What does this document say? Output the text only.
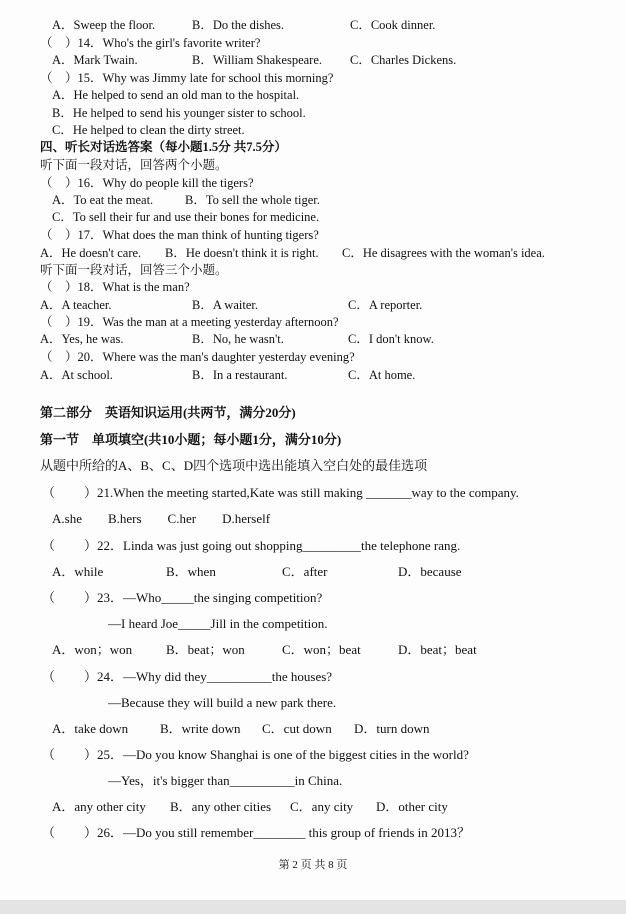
A．Sweep the floor.	B．Do the dishes.	C．Cook dinner.
（　）14．Who's the girl's favorite writer?
A．Mark Twain.	B．William Shakespeare. C．Charles Dickens.
（　）15．Why was Jimmy late for school this morning?
A．He helped to send an old man to the hospital.
B．He helped to send his younger sister to school.
C．He helped to clean the dirty street.
四、听长对话选答案（每小题1.5分 共7.5分）
听下面一段对话，回答两个小题。
（　）16．Why do people kill the tigers?
A．To eat the meat.	B．To sell the whole tiger.
C．To sell their fur and use their bones for medicine.
（　）17．What does the man think of hunting tigers?
A．He doesn't care. B．He doesn't think it is right. C．He disagrees with the woman's idea.
听下面一段对话，回答三个小题。
（　）18．What is the man?
A．A teacher.	B．A waiter.	C．A reporter.
（　）19．Was the man at a meeting yesterday afternoon?
A．Yes, he was.	B．No, he wasn't.	C．I don't know.
（　）20．Where was the man's daughter yesterday evening?
A．At school.	B．In a restaurant.	C．At home.
第二部分　英语知识运用(共两节，满分20分)
第一节　单项填空(共10小题；每小题1分，满分10分)
从题中所给的A、B、C、D四个选项中选出能填入空白处的最佳选项
（ ）21.When the meeting started,Kate was still making _______way to the company.
A.she　　B.hers　　C.her　　D.herself
（ ）22．Linda was just going out shopping_________the telephone rang.
A．while	B．when	C．after	D．because
（ ）23．—Who_____the singing competition?
—I heard Joe_____Jill in the competition.
A．won；won	B．beat；won	C．won；beat	D．beat；beat
（ ）24．—Why did they__________the houses?
—Because they will build a new park there.
A．take down B．write down C．cut down D．turn down
（ ）25．—Do you know Shanghai is one of the biggest cities in the world?
—Yes，it's bigger than__________in China.
A．any other city B．any other cities C．any city D．other city
（ ）26．—Do you still remember________ this group of friends in 2013？
第 2 页 共 8 页
